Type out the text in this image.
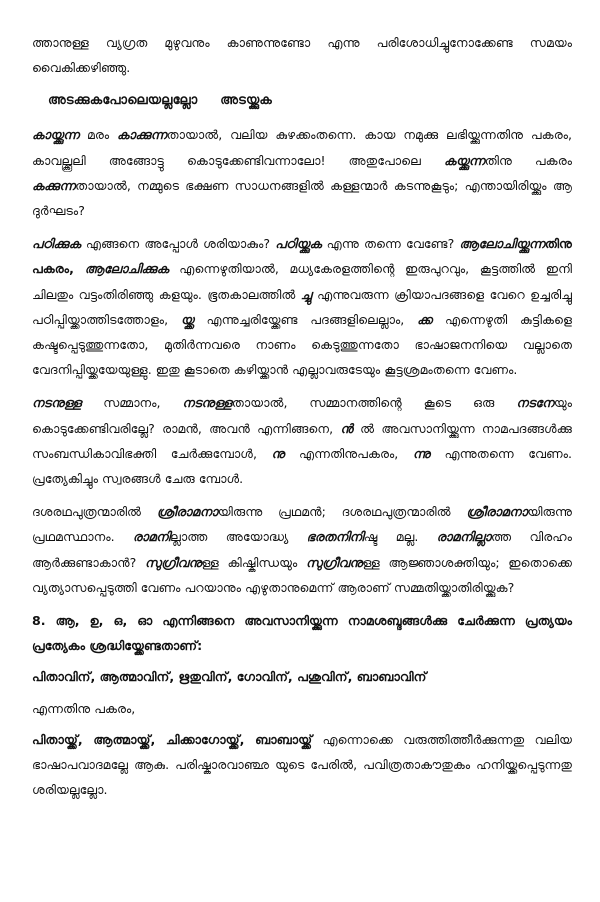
ത്താനുള്ള വ്യഗ്രത മുഴുവനും കാണുന്നുണ്ടോ എന്നു പരിശോധിച്ചുനോക്കേണ്ട സമയം വൈകിക്കഴിഞ്ഞു.

അടക്കുകപോലെയല്ലല്ലോ അടയ്ക്കുക

കായ്ക്കുന്ന മരം കാക്കുന്നതായാൽ, വലിയ കുഴക്കംതന്നെ. കായ നമുക്കു ലഭിയ്ക്കുന്നതിനു പകരം, കാവല്ക്കൂലി അങ്ങോട്ടു കൊടുക്കേണ്ടിവന്നാലോ! അതുപോലെ കയ്ക്കുന്നതിനു പകരം കക്കുന്നതായാൽ, നമ്മുടെ ഭക്ഷണ സാധനങ്ങളിൽ കള്ളന്മാർ കടന്നുകൂടും; എന്തായിരിയ്ക്കും ആ ദുർഘടം?

പഠിക്കുക എങ്ങനെ അപ്പോൾ ശരിയാകും? പഠിയ്ക്കുക എന്നു തന്നെ വേണ്ടേ? ആലോചിയ്ക്കുന്നതിനു പകരം, ആലോചിക്കുക എന്നെഴുതിയാൽ, മധ്യകേരളത്തിന്റെ ഇരുപുറവും, കൂട്ടത്തിൽ ഇനി ചിലതും വട്ടംതിരിഞ്ഞു കളയും. ഭൂതകാലത്തിൽ ച്ചു എന്നുവരുന്ന ക്രിയാപദങ്ങളെ വേറെ ഉച്ചരിച്ചു പഠിപ്പിയ്ക്കാത്തിടത്തോളം, യ്ക്ക എന്നുച്ചരിയ്ക്കേണ്ട പദങ്ങളിലെല്ലാം, ക്ക എന്നെഴുതി കുട്ടികളെ കഷ്ടപ്പെടുത്തുന്നതോ, മുതിർന്നവരെ നാണം കെടുത്തുന്നതോ ഭാഷാജനനിയെ വല്ലാതെ വേദനിപ്പിയ്ക്കയേയുള്ളു. ഇതു കൂടാതെ കഴിയ്ക്കാൻ എല്ലാവരുടേയും കൂട്ടശ്രമംതന്നെ വേണം.

നടനുള്ള സമ്മാനം, നടനുള്ളതായാൽ, സമ്മാനത്തിന്റെ കൂടെ ഒരു നടനേയും കൊടുക്കേണ്ടിവരില്ലേ? രാമൻ, അവൻ എന്നിങ്ങനെ, ൻ ൽ അവസാനിയ്ക്കുന്ന നാമപദങ്ങൾക്കു സംബന്ധികാവിഭക്തി ചേർക്കുമ്പോൾ, നു എന്നതിനുപകരം, ന്നു എന്നുതന്നെ വേണം. പ്രത്യേകിച്ചും സ്വരങ്ങൾ ചേരു മ്പോൾ.

ദശരഥപുത്രന്മാരിൽ ശ്രീരാമനായിരുന്നു പ്രഥമൻ; ദശരഥപുത്രന്മാരിൽ ശ്രീരാമനായിരുന്നു പ്രഥമസ്ഥാനം. രാമനില്ലാത്ത അയോദ്ധ്യ ഭരതനിനിഷ്ട മല്ല. രാമനില്ലാത്ത വിരഹം ആർക്കുണ്ടാകാൻ? സുഗ്രീവനുള്ള കിഷ്കിന്ധയും സുഗ്രീവനുള്ള ആജ്ഞാശക്തിയും; ഇതൊക്കെ വ്യത്യാസപ്പെടുത്തി വേണം പറയാനും എഴുതാനുമെന്ന് ആരാണ് സമ്മതിയ്ക്കാതിരിയ്ക്കുക?

8. ആ, ഉ, ഒ, ഓ എന്നിങ്ങനെ അവസാനിയ്ക്കുന്ന നാമശബ്ദങ്ങൾക്കു ചേർക്കുന്ന പ്രത്യയം പ്രത്യേകം ശ്രദ്ധിയ്ക്കേണ്ടതാണ്:

പിതാവിന്, ആത്മാവിന്, ഋതുവിന്, ഗോവിന്, പശുവിന്, ബാബാവിന്

എന്നതിനു പകരം,

പിതായ്ക്ക്, ആത്മായ്ക്ക്, ചിക്കാഗോയ്ക്ക്, ബാബായ്ക്ക് എന്നൊക്കെ വരുത്തിത്തീർക്കുന്നതു വലിയ ഭാഷാപവാദമല്ലേ ആകു. പരിഷ്കാരവാഞ്ഛ യുടെ പേരിൽ, പവിത്രതാകൗതുകം ഹനിയ്ക്കപ്പെടുന്നതു ശരിയല്ലല്ലോ.
